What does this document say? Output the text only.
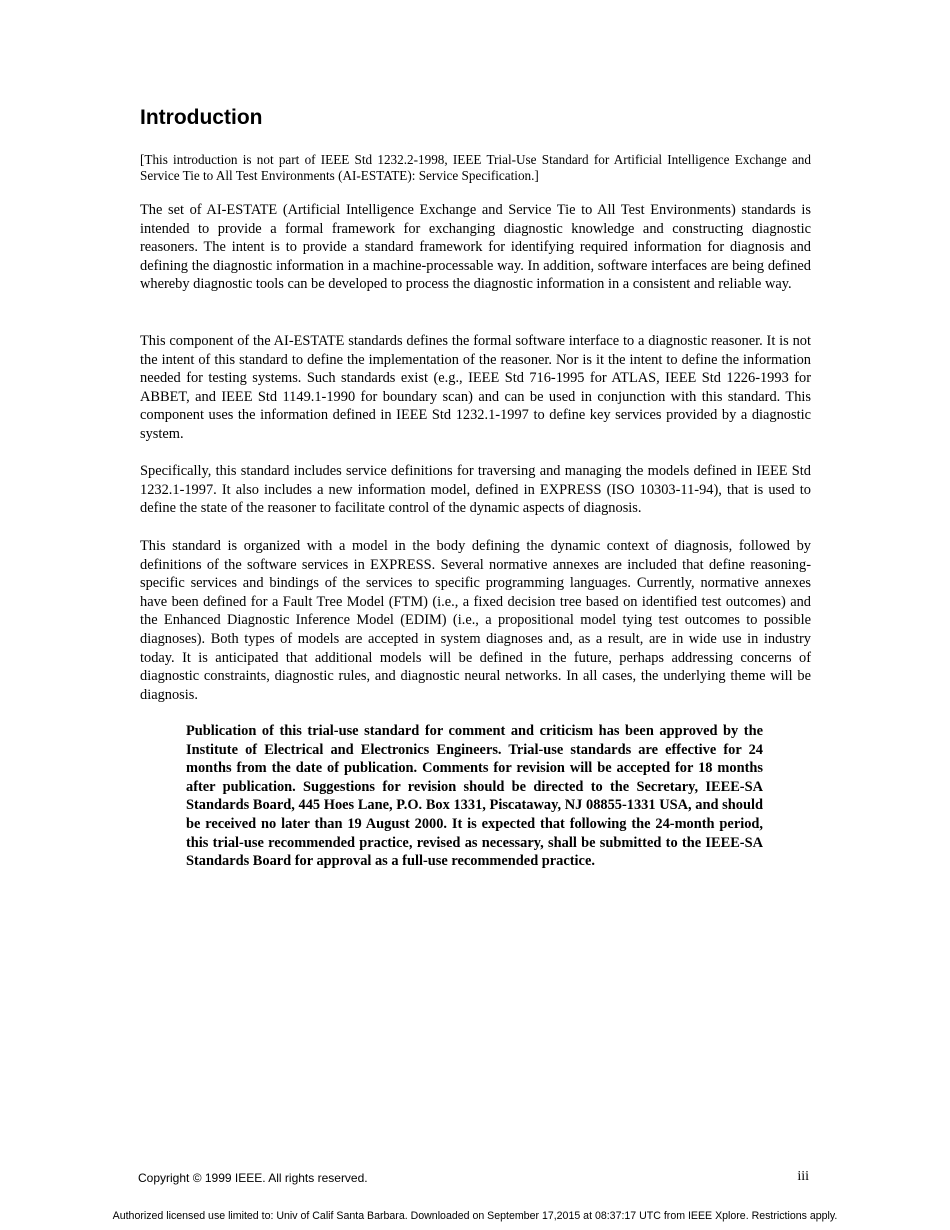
Introduction

[This introduction is not part of IEEE Std 1232.2-1998, IEEE Trial-Use Standard for Artificial Intelligence Exchange and Service Tie to All Test Environments (AI-ESTATE): Service Specification.]

The set of AI-ESTATE (Artificial Intelligence Exchange and Service Tie to All Test Environments) standards is intended to provide a formal framework for exchanging diagnostic knowledge and constructing diagnostic reasoners. The intent is to provide a standard framework for identifying required information for diagnosis and defining the diagnostic information in a machine-processable way. In addition, software interfaces are being defined whereby diagnostic tools can be developed to process the diagnostic information in a consistent and reliable way.

This component of the AI-ESTATE standards defines the formal software interface to a diagnostic reasoner. It is not the intent of this standard to define the implementation of the reasoner. Nor is it the intent to define the information needed for testing systems. Such standards exist (e.g., IEEE Std 716-1995 for ATLAS, IEEE Std 1226-1993 for ABBET, and IEEE Std 1149.1-1990 for boundary scan) and can be used in conjunction with this standard. This component uses the information defined in IEEE Std 1232.1-1997 to define key services provided by a diagnostic system.

Specifically, this standard includes service definitions for traversing and managing the models defined in IEEE Std 1232.1-1997. It also includes a new information model, defined in EXPRESS (ISO 10303-11-94), that is used to define the state of the reasoner to facilitate control of the dynamic aspects of diagnosis.

This standard is organized with a model in the body defining the dynamic context of diagnosis, followed by definitions of the software services in EXPRESS. Several normative annexes are included that define reasoning-specific services and bindings of the services to specific programming languages. Currently, normative annexes have been defined for a Fault Tree Model (FTM) (i.e., a fixed decision tree based on identified test outcomes) and the Enhanced Diagnostic Inference Model (EDIM) (i.e., a propositional model tying test outcomes to possible diagnoses). Both types of models are accepted in system diagnoses and, as a result, are in wide use in industry today. It is anticipated that additional models will be defined in the future, perhaps addressing concerns of diagnostic constraints, diagnostic rules, and diagnostic neural networks. In all cases, the underlying theme will be diagnosis.

Publication of this trial-use standard for comment and criticism has been approved by the Institute of Electrical and Electronics Engineers. Trial-use standards are effective for 24 months from the date of publication. Comments for revision will be accepted for 18 months after publication. Suggestions for revision should be directed to the Secretary, IEEE-SA Standards Board, 445 Hoes Lane, P.O. Box 1331, Piscataway, NJ 08855-1331 USA, and should be received no later than 19 August 2000. It is expected that following the 24-month period, this trial-use recommended practice, revised as necessary, shall be submitted to the IEEE-SA Standards Board for approval as a full-use recommended practice.

Copyright © 1999 IEEE. All rights reserved.	iii

Authorized licensed use limited to: Univ of Calif Santa Barbara. Downloaded on September 17,2015 at 08:37:17 UTC from IEEE Xplore. Restrictions apply.
